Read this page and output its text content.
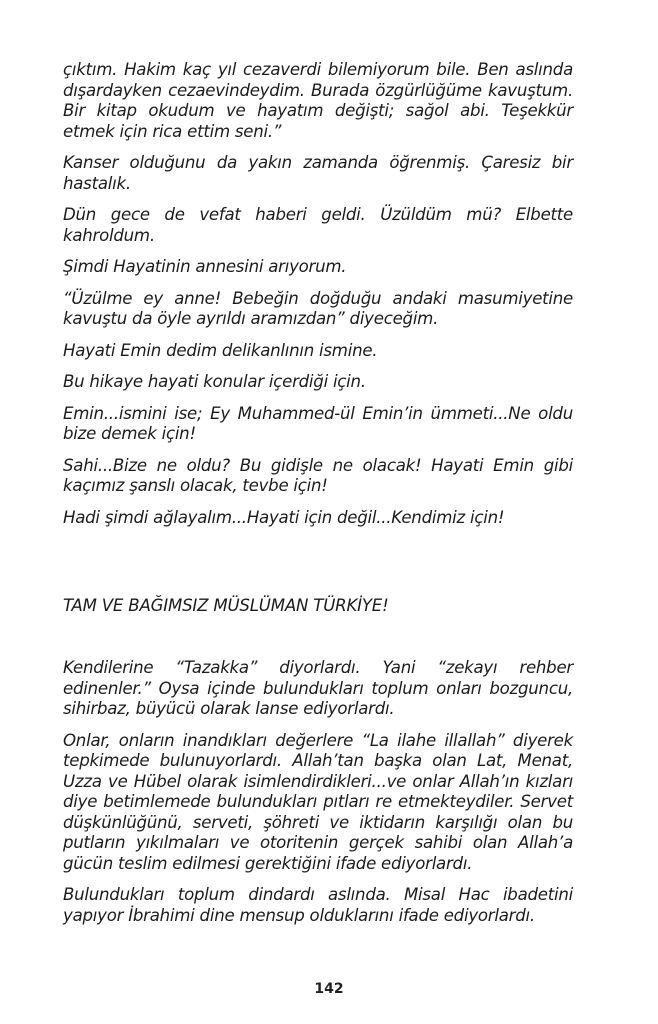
çıktım. Hakim kaç yıl cezaverdi bilemiyorum bile. Ben aslında dışardayken cezaevindeydim. Burada özgürlüğüme kavuştum. Bir kitap okudum ve hayatım değişti; sağol abi. Teşekkür etmek için rica ettim seni.”

Kanser olduğunu da yakın zamanda öğrenmiş. Çaresiz bir hastalık.

Dün gece de vefat haberi geldi. Üzüldüm mü? Elbette kahroldum.

Şimdi Hayatinin annesini arıyorum.

“Üzülme ey anne! Bebeğin doğduğu andaki masumiyetine kavuştu da öyle ayrıldı aramızdan” diyeceğim.

Hayati Emin dedim delikanlının ismine.

Bu hikaye hayati konular içerdiği için.

Emin...ismini ise; Ey Muhammed-ül Emin’in ümmeti...Ne oldu bize demek için!

Sahi...Bize ne oldu? Bu gidişle ne olacak! Hayati Emin gibi kaçımız şanslı olacak, tevbe için!

Hadi şimdi ağlayalım...Hayati için değil...Kendimiz için!

TAM VE BAĞIMSIZ MÜSLÜMAN TÜRKİYE!

Kendilerine “Tazakka” diyorlardı. Yani “zekayı rehber edinenler.” Oysa içinde bulundukları toplum onları bozguncu, sihirbaz, büyücü olarak lanse ediyorlardı.

Onlar, onların inandıkları değerlere “La ilahe illallah” diyerek tepkimede bulunuyorlardı. Allah’tan başka olan Lat, Menat, Uzza ve Hübel olarak isimlendirdikleri...ve onlar Allah’ın kızları diye betimlemede bulundukları pıtları re etmekteydiler. Servet düşkünlüğünü, serveti, şöhreti ve iktidarın karşılığı olan bu putların yıkılmaları ve otoritenin gerçek sahibi olan Allah’a gücün teslim edilmesi gerektiğini ifade ediyorlardı.

Bulundukları toplum dindardı aslında. Misal Hac ibadetini yapıyor İbrahimi dine mensup olduklarını ifade ediyorlardı.

142
